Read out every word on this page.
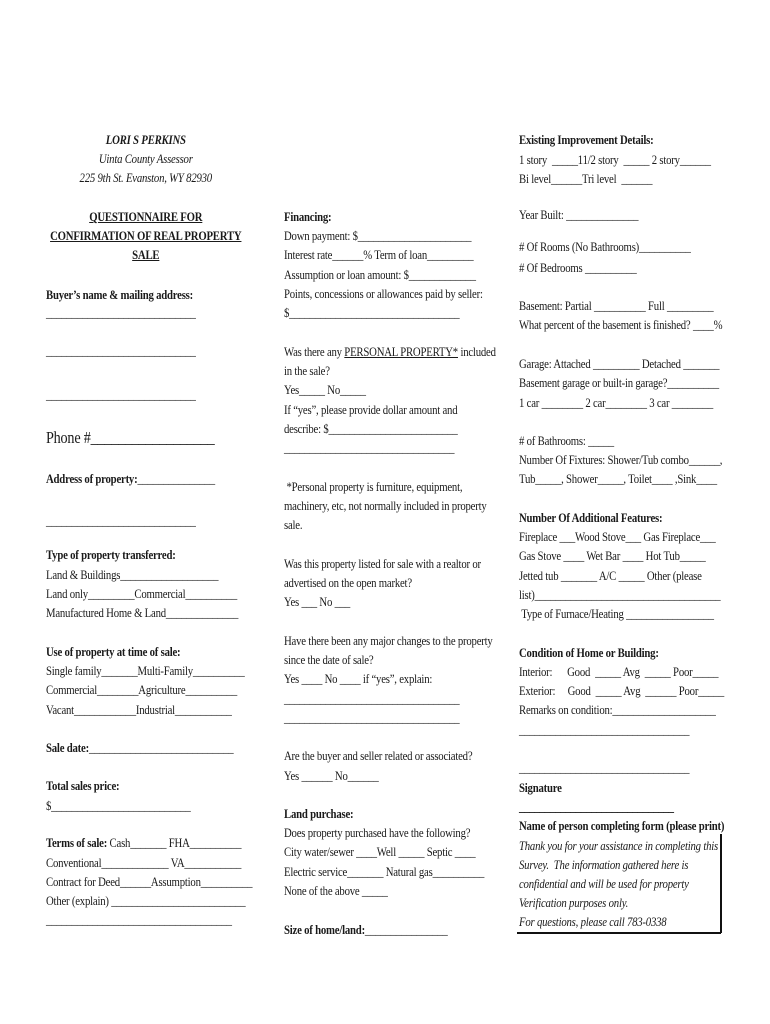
LORI S PERKINS
Uinta County Assessor
225 9th St. Evanston, WY 82930
QUESTIONNAIRE FOR
CONFIRMATION OF REAL PROPERTY
SALE
Buyer’s name & mailing address:
_____________________________
_____________________________
_____________________________
Phone #__________________
Address of property:_______________
_____________________________
Type of property transferred:
Land & Buildings___________________
Land only_________Commercial__________
Manufactured Home & Land______________
Use of property at time of sale:
Single family_______Multi-Family__________
Commercial________Agriculture__________
Vacant____________Industrial___________
Sale date:____________________________
Total sales price:
$___________________________
Terms of sale: Cash_______ FHA__________
Conventional_____________ VA___________
Contract for Deed______Assumption__________
Other (explain) __________________________
____________________________________
Financing:
Down payment: $______________________
Interest rate______% Term of loan_________
Assumption or loan amount: $_____________
Points, concessions or allowances paid by seller:
$_________________________________
Was there any PERSONAL PROPERTY* included
in the sale?
Yes_____ No_____
If “yes”, please provide dollar amount and
describe: $_________________________
_________________________________
*Personal property is furniture, equipment,
machinery, etc, not normally included in property
sale.
Was this property listed for sale with a realtor or
advertised on the open market?
Yes ___ No ___
Have there been any major changes to the property
since the date of sale?
Yes ____ No ____ if “yes”, explain:
__________________________________
__________________________________
Are the buyer and seller related or associated?
Yes ______ No______
Land purchase:
Does property purchased have the following?
City water/sewer ____Well _____ Septic ____
Electric service_______ Natural gas__________
None of the above _____
Size of home/land:________________
Existing Improvement Details:
1 story  _____11/2 story  _____ 2 story______
Bi level______Tri level  ______
Year Built: ______________
# Of Rooms (No Bathrooms)__________
# Of Bedrooms __________
Basement: Partial __________ Full _________
What percent of the basement is finished? ____%
Garage: Attached _________ Detached _______
Basement garage or built-in garage?__________
1 car ________ 2 car________ 3 car ________
# of Bathrooms: _____
Number Of Fixtures: Shower/Tub combo______,
Tub_____, Shower_____, Toilet____ ,Sink____
Number Of Additional Features:
Fireplace ___Wood Stove___ Gas Fireplace___
Gas Stove ____ Wet Bar ____ Hot Tub_____
Jetted tub _______ A/C _____ Other (please
list)____________________________________
Type of Furnace/Heating _________________
Condition of Home or Building:
Interior:      Good  _____ Avg  _____ Poor_____
Exterior:     Good  _____ Avg  ______ Poor_____
Remarks on condition:____________________
_________________________________
_________________________________
Signature
______________________________
Name of person completing form (please print)
Thank you for your assistance in completing this
Survey.  The information gathered here is
confidential and will be used for property
Verification purposes only.
For questions, please call 783-0338
